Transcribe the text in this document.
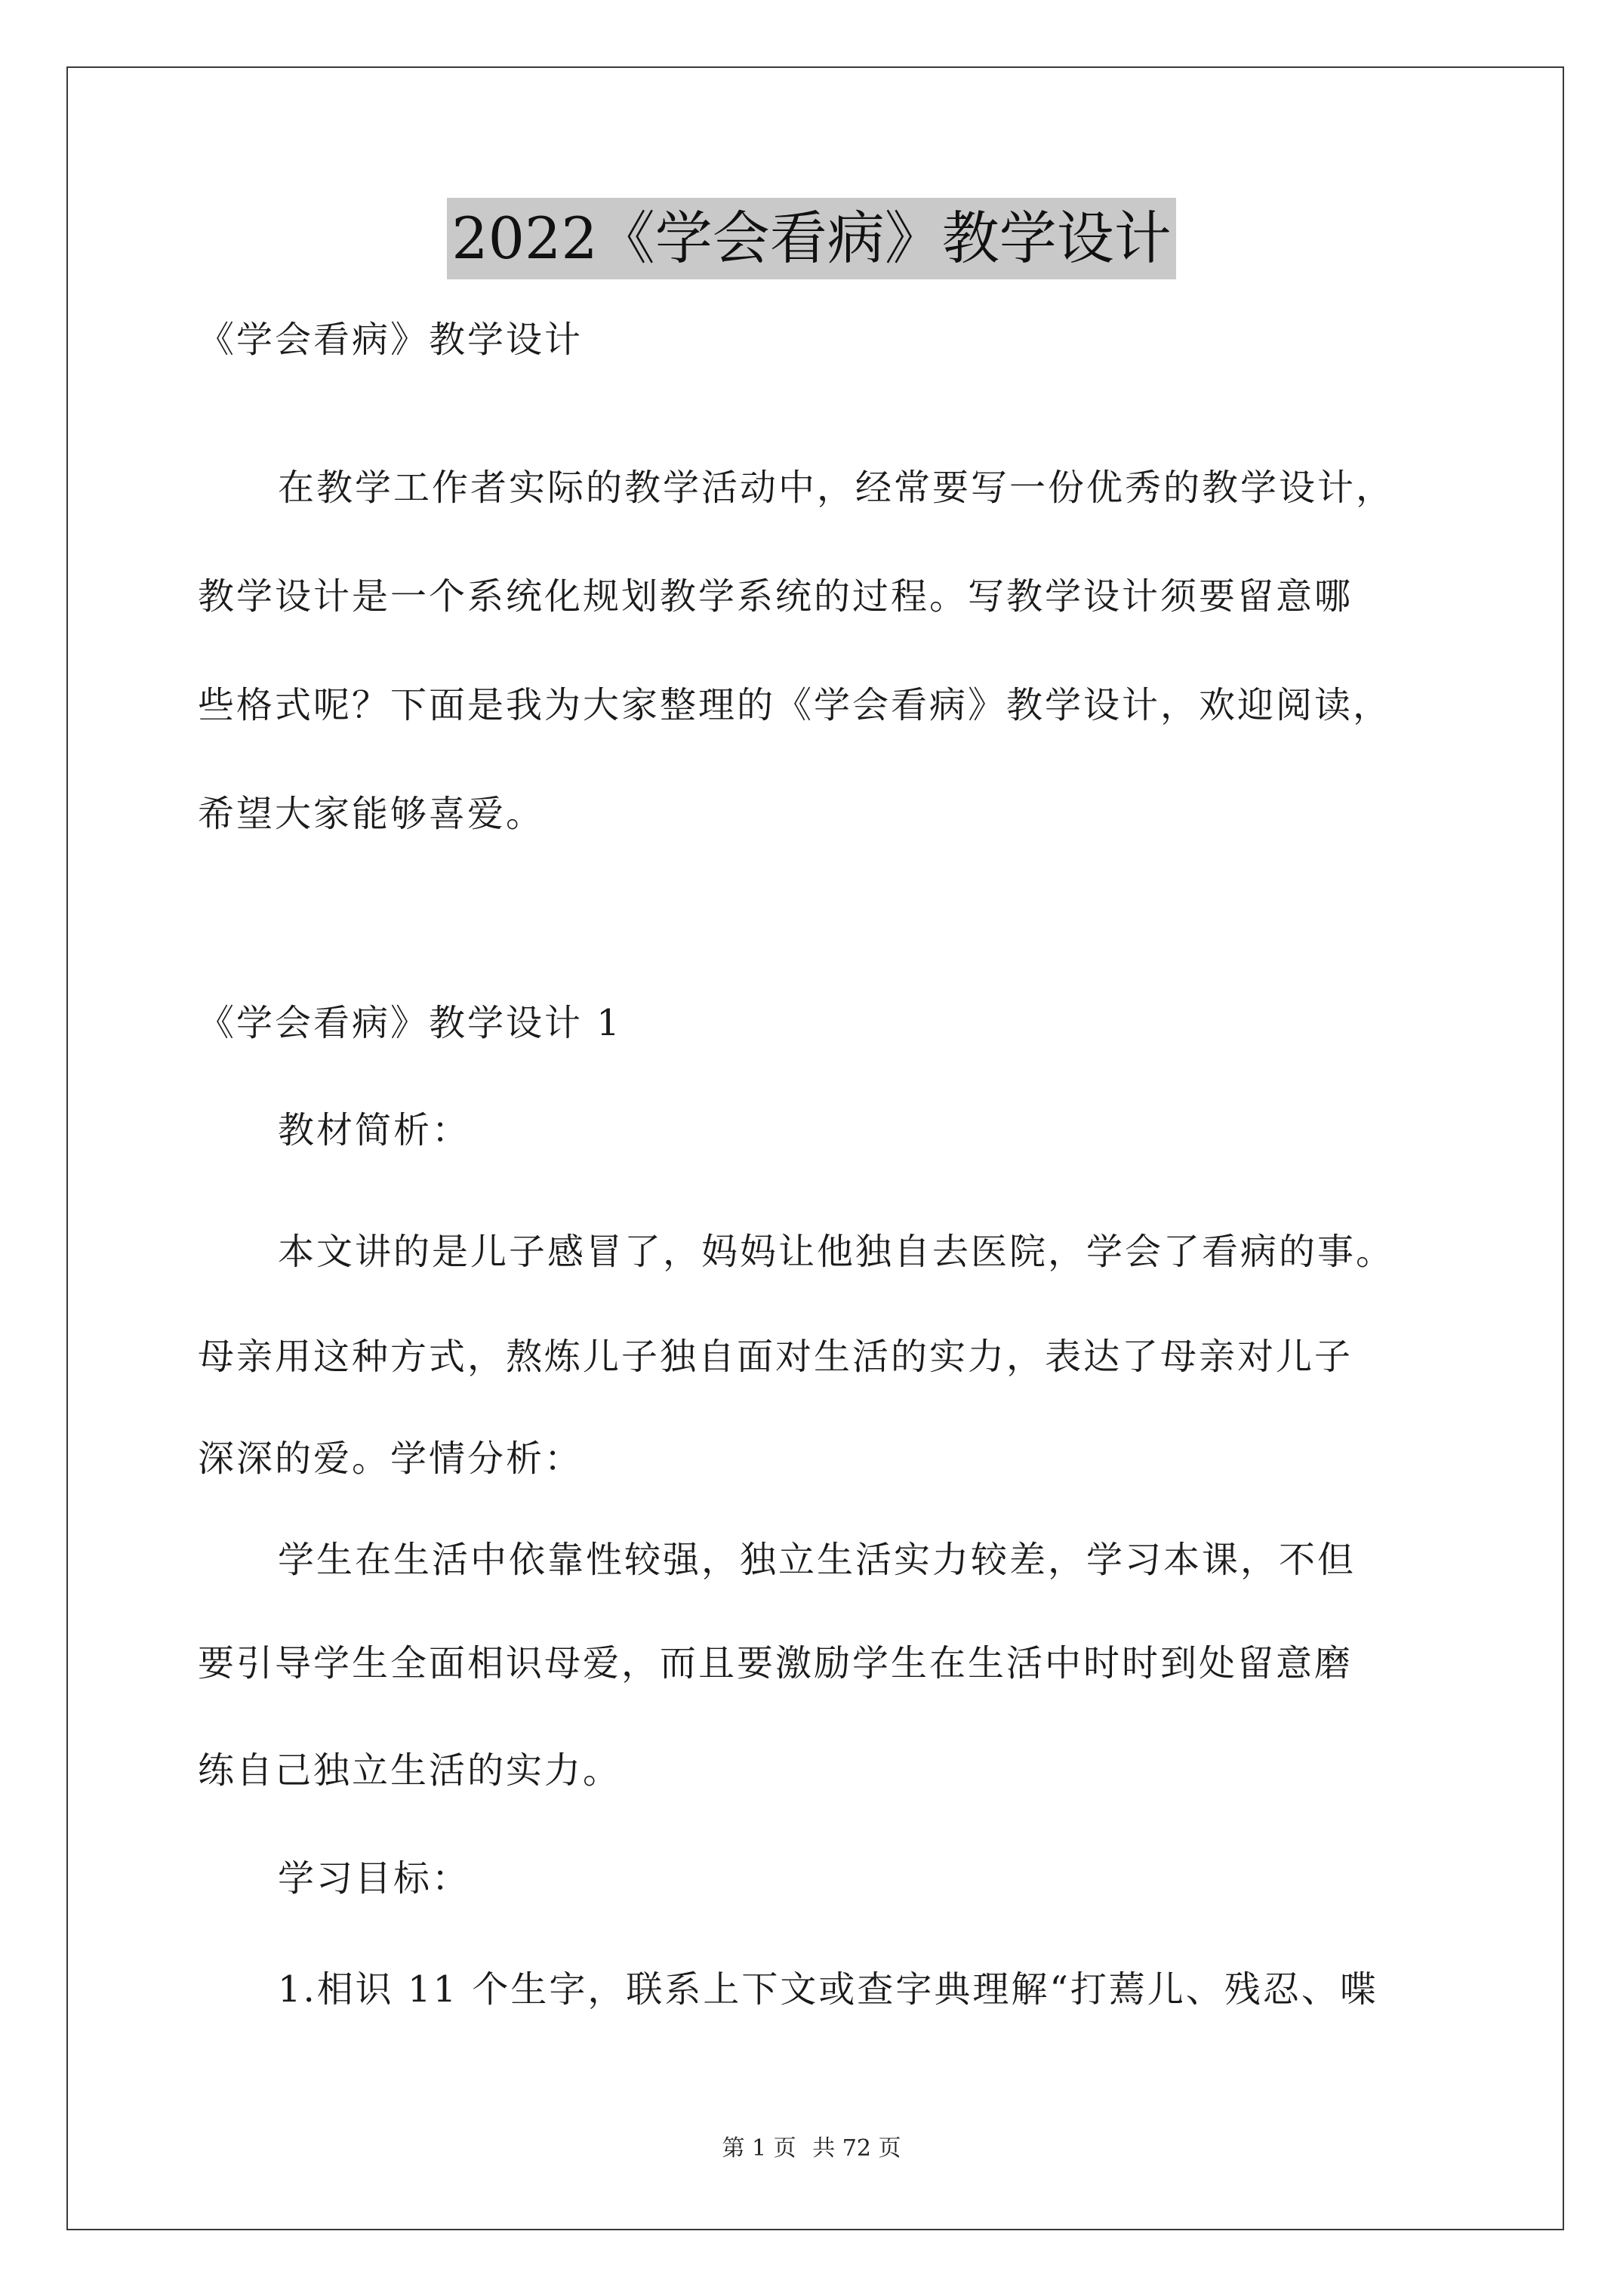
2022《学会看病》教学设计
《学会看病》教学设计
在教学工作者实际的教学活动中，经常要写一份优秀的教学设计，
教学设计是一个系统化规划教学系统的过程。写教学设计须要留意哪
些格式呢？下面是我为大家整理的《学会看病》教学设计，欢迎阅读，
希望大家能够喜爱。
《学会看病》教学设计 1
教材简析：
本文讲的是儿子感冒了，妈妈让他独自去医院，学会了看病的事。
母亲用这种方式，熬炼儿子独自面对生活的实力，表达了母亲对儿子
深深的爱。学情分析：
学生在生活中依靠性较强，独立生活实力较差，学习本课，不但
要引导学生全面相识母爱，而且要激励学生在生活中时时到处留意磨
练自己独立生活的实力。
学习目标：
1.相识 11 个生字，联系上下文或查字典理解“打蔫儿、残忍、喋
第 1 页 共 72 页
